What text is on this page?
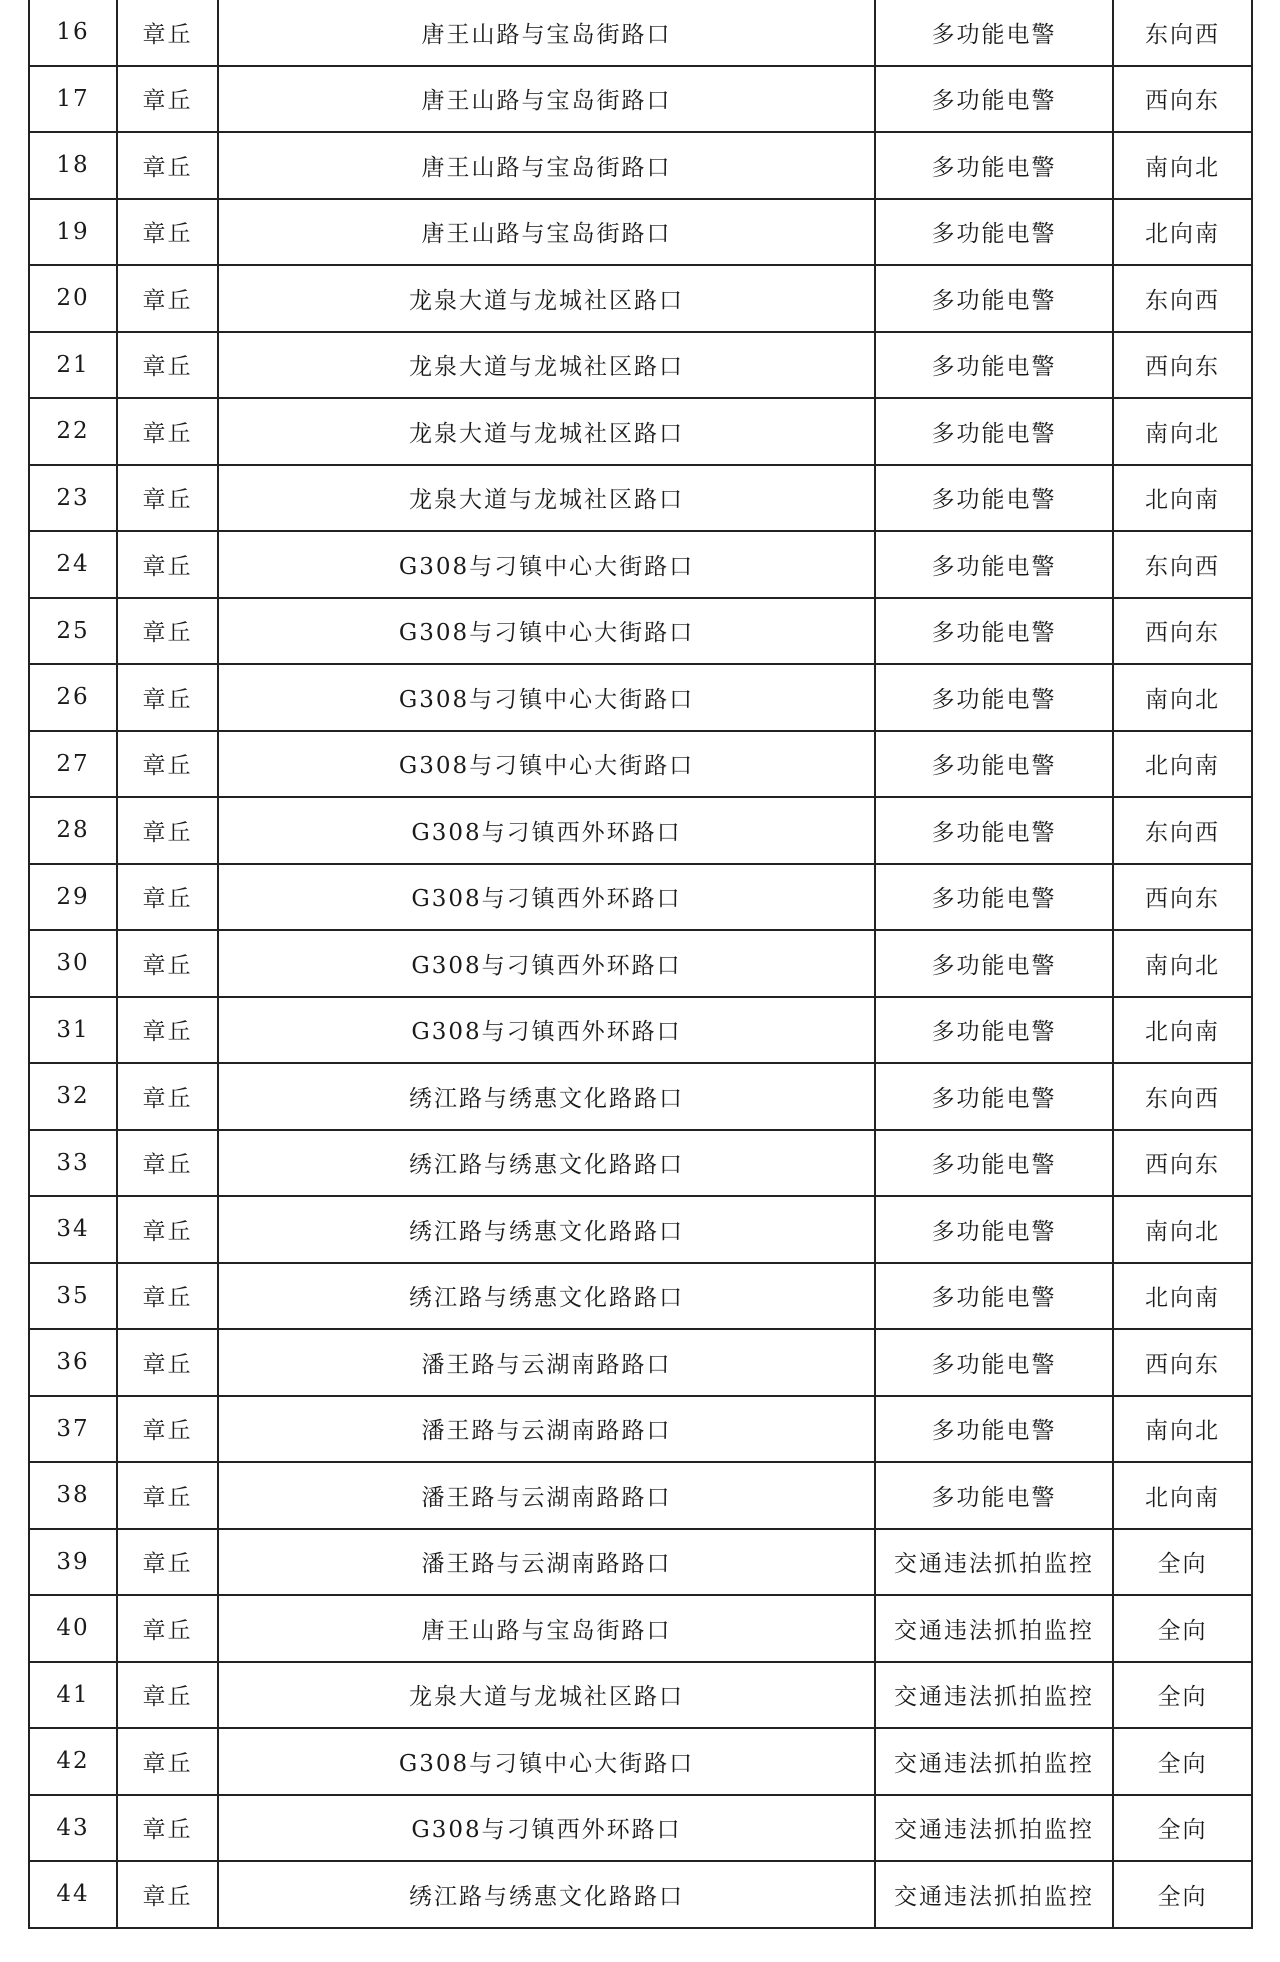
16	章丘	唐王山路与宝岛街路口	多功能电警	东向西
17	章丘	唐王山路与宝岛街路口	多功能电警	西向东
18	章丘	唐王山路与宝岛街路口	多功能电警	南向北
19	章丘	唐王山路与宝岛街路口	多功能电警	北向南
20	章丘	龙泉大道与龙城社区路口	多功能电警	东向西
21	章丘	龙泉大道与龙城社区路口	多功能电警	西向东
22	章丘	龙泉大道与龙城社区路口	多功能电警	南向北
23	章丘	龙泉大道与龙城社区路口	多功能电警	北向南
24	章丘	G308与刁镇中心大街路口	多功能电警	东向西
25	章丘	G308与刁镇中心大街路口	多功能电警	西向东
26	章丘	G308与刁镇中心大街路口	多功能电警	南向北
27	章丘	G308与刁镇中心大街路口	多功能电警	北向南
28	章丘	G308与刁镇西外环路口	多功能电警	东向西
29	章丘	G308与刁镇西外环路口	多功能电警	西向东
30	章丘	G308与刁镇西外环路口	多功能电警	南向北
31	章丘	G308与刁镇西外环路口	多功能电警	北向南
32	章丘	绣江路与绣惠文化路路口	多功能电警	东向西
33	章丘	绣江路与绣惠文化路路口	多功能电警	西向东
34	章丘	绣江路与绣惠文化路路口	多功能电警	南向北
35	章丘	绣江路与绣惠文化路路口	多功能电警	北向南
36	章丘	潘王路与云湖南路路口	多功能电警	西向东
37	章丘	潘王路与云湖南路路口	多功能电警	南向北
38	章丘	潘王路与云湖南路路口	多功能电警	北向南
39	章丘	潘王路与云湖南路路口	交通违法抓拍监控	全向
40	章丘	唐王山路与宝岛街路口	交通违法抓拍监控	全向
41	章丘	龙泉大道与龙城社区路口	交通违法抓拍监控	全向
42	章丘	G308与刁镇中心大街路口	交通违法抓拍监控	全向
43	章丘	G308与刁镇西外环路口	交通违法抓拍监控	全向
44	章丘	绣江路与绣惠文化路路口	交通违法抓拍监控	全向
